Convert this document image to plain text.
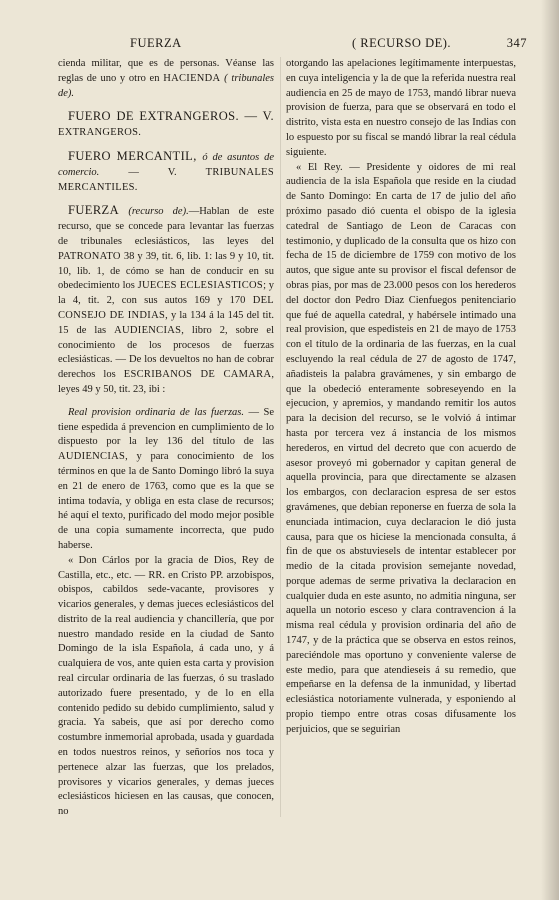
FUERZA	( RECURSO DE).	347

cienda militar, que es de personas. Véanse las reglas de uno y otro en HACIENDA ( tribunales de).

FUERO DE EXTRANGEROS. — V. EXTRANGEROS.

FUERO MERCANTIL, ó de asuntos de comercio. — V. TRIBUNALES MERCANTILES.

FUERZA (recurso de).—Hablan de este recurso, que se concede para levantar las fuerzas de tribunales eclesiásticos, las leyes del PATRONATO 38 y 39, tit. 6, lib. 1: las 9 y 10, tit. 10, lib. 1, de cómo se han de conducir en su obedecimiento los JUECES ECLESIASTICOS; y la 4, tit. 2, con sus autos 169 y 170 DEL CONSEJO DE INDIAS, y la 134 á la 145 del tit. 15 de las AUDIENCIAS, libro 2, sobre el conocimiento de los procesos de fuerzas eclesiásticas. — De los devueltos no han de cobrar derechos los ESCRIBANOS DE CAMARA, leyes 49 y 50, tit. 23, ibi :

Real provision ordinaria de las fuerzas. — Se tiene espedida á prevencion en cumplimiento de lo dispuesto por la ley 136 del título de las AUDIENCIAS, y para conocimiento de los términos en que la de Santo Domingo libró la suya en 21 de enero de 1763, como que es la que se intima todavía, y obliga en esta clase de recursos; hé aquí el texto, purificado del modo mejor posible de una copia sumamente incorrecta, que pudo haberse.

« Don Cárlos por la gracia de Dios, Rey de Castilla, etc., etc. — RR. en Cristo PP. arzobispos, obispos, cabildos sede-vacante, provisores y vicarios generales, y demas jueces eclesiásticos del distrito de la real audiencia y chancillería, que por nuestro mandado reside en la ciudad de Santo Domingo de la isla Española, á cada uno, y á cualquiera de vos, ante quien esta carta y provision real circular ordinaria de las fuerzas, ó su traslado autorizado fuere presentado, y de lo en ella contenido pedido su debido cumplimiento, salud y gracia. Ya sabeis, que así por derecho como costumbre inmemorial aprobada, usada y guardada en todos nuestros reinos, y señoríos nos toca y pertenece alzar las fuerzas, que los prelados, provisores y vicarios generales, y demas jueces eclesiásticos hiciesen en las causas, que conocen, no

otorgando las apelaciones legítimamente interpuestas, en cuya inteligencia y la de que la referida nuestra real audiencia en 25 de mayo de 1753, mandó librar nueva provision de fuerza, para que se observará en todo el distrito, vista esta en nuestro consejo de las Indias con lo espuesto por su fiscal se mandó librar la real cédula siguiente.

« El Rey. — Presidente y oidores de mi real audiencia de la isla Española que reside en la ciudad de Santo Domingo: En carta de 17 de julio del año próximo pasado dió cuenta el obispo de la iglesia catedral de Santiago de Leon de Caracas con testimonio, y duplicado de la consulta que os hizo con fecha de 15 de diciembre de 1759 con motivo de los autos, que sigue ante su provisor el fiscal defensor de obras pias, por mas de 23.000 pesos con los herederos del doctor don Pedro Diaz Cienfuegos penitenciario que fué de aquella catedral, y habérsele intimado una real provision, que espedisteis en 21 de mayo de 1753 con el título de la ordinaria de las fuerzas, en la cual escluyendo la real cédula de 27 de agosto de 1747, añadisteis la palabra gravámenes, y sin embargo de que la obedeció enteramente sobreseyendo en la ejecucion, y apremios, y mandando remitir los autos para la decision del recurso, se le volvió á intimar hasta por tercera vez á instancia de los mismos herederos, en virtud del decreto que con acuerdo de asesor proveyó mi gobernador y capitan general de aquella provincia, para que directamente se alzasen los embargos, con declaracion espresa de ser estos gravámenes, que debian reponerse en fuerza de sola la enunciada intimacion, cuya declaracion le dió justa causa, para que os hiciese la mencionada consulta, á fin de que os abstuviesels de intentar establecer por medio de la citada provision semejante novedad, porque ademas de serme privativa la declaracion en cualquier duda en este asunto, no admitia ninguna, ser aquella un notorio esceso y clara contravencion á la misma real cédula y provision ordinaria del año de 1747, y de la práctica que se observa en estos reinos, pareciéndole mas oportuno y conveniente valerse de este medio, para que atendieseis á su remedio, que empeñarse en la defensa de la inmunidad, y libertad eclesiástica notoriamente vulnerada, y esponiendo al propio tiempo entre otras cosas difusamente los perjuicios, que se seguirian
